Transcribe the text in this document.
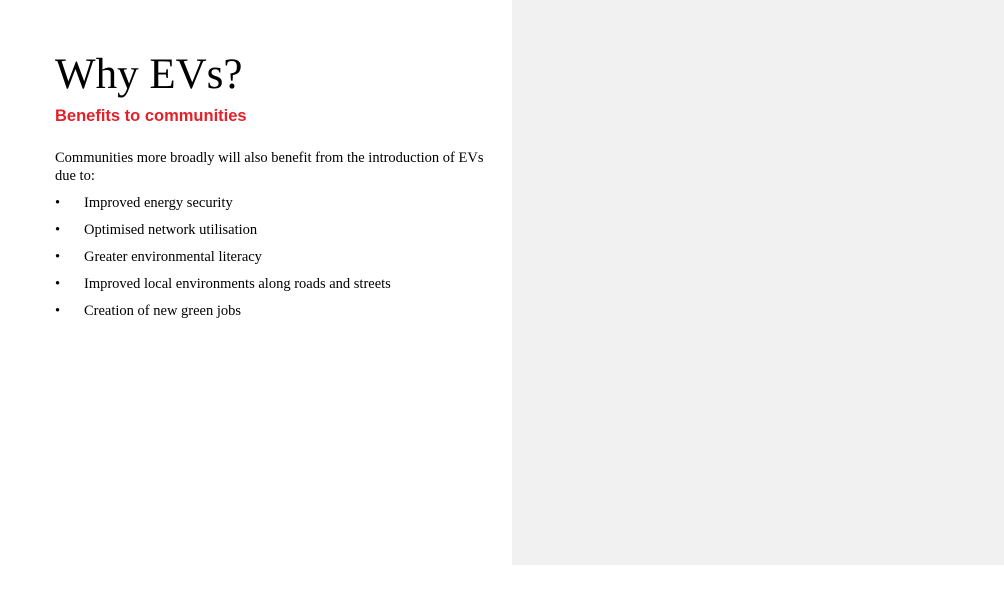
Why EVs?
Benefits to communities

Communities more broadly will also benefit from the introduction of EVs due to:

•	Improved energy security
•	Optimised network utilisation
•	Greater environmental literacy
•	Improved local environments along roads and streets
•	Creation of new green jobs
